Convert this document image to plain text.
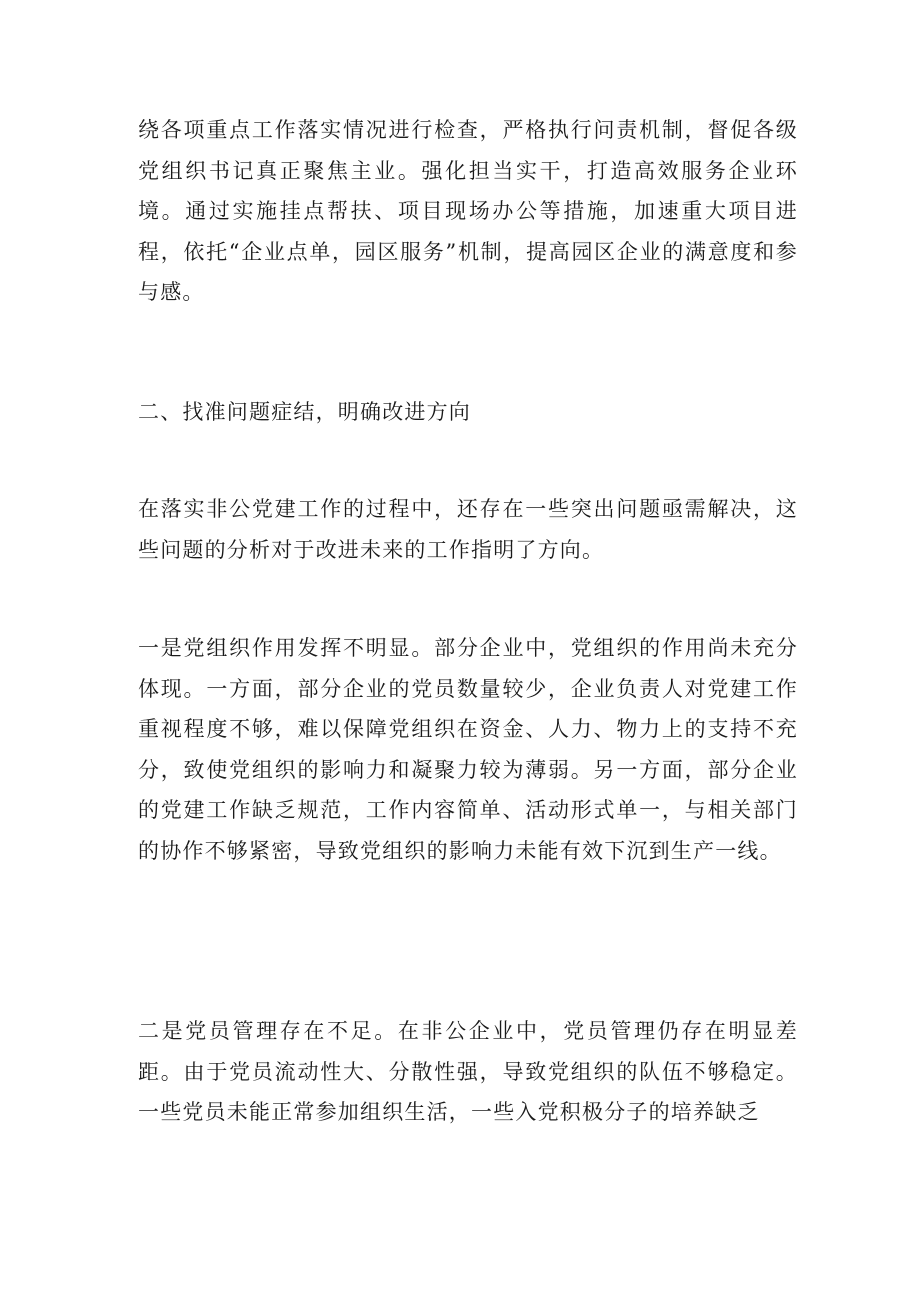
绕各项重点工作落实情况进行检查，严格执行问责机制，督促各级党组织书记真正聚焦主业。强化担当实干，打造高效服务企业环境。通过实施挂点帮扶、项目现场办公等措施，加速重大项目进程，依托“企业点单，园区服务”机制，提高园区企业的满意度和参与感。

二、找准问题症结，明确改进方向

在落实非公党建工作的过程中，还存在一些突出问题亟需解决，这些问题的分析对于改进未来的工作指明了方向。

一是党组织作用发挥不明显。部分企业中，党组织的作用尚未充分体现。一方面，部分企业的党员数量较少，企业负责人对党建工作重视程度不够，难以保障党组织在资金、人力、物力上的支持不充分，致使党组织的影响力和凝聚力较为薄弱。另一方面，部分企业的党建工作缺乏规范，工作内容简单、活动形式单一，与相关部门的协作不够紧密，导致党组织的影响力未能有效下沉到生产一线。

二是党员管理存在不足。在非公企业中，党员管理仍存在明显差距。由于党员流动性大、分散性强，导致党组织的队伍不够稳定。一些党员未能正常参加组织生活，一些入党积极分子的培养缺乏
